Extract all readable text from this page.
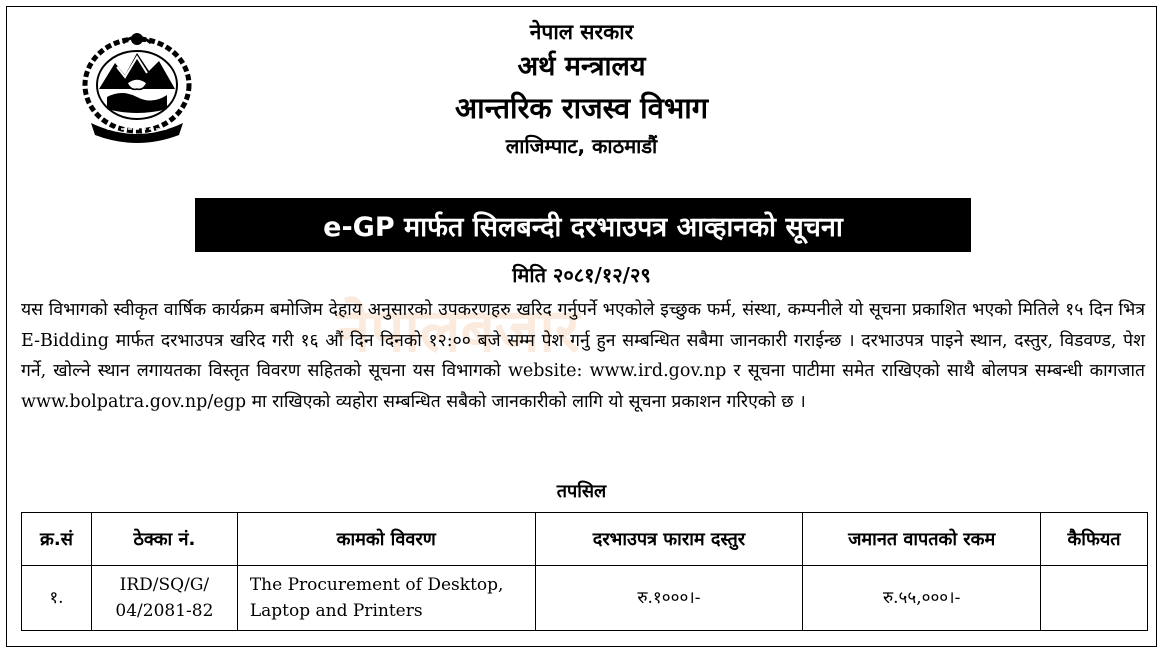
नेपाल सरकार
अर्थ मन्त्रालय
आन्तरिक राजस्व विभाग
लाजिम्पाट, काठमाडौं
e-GP मार्फत सिलबन्दी दरभाउपत्र आव्हानको सूचना
मिति २०८१/१२/२९
नेपालबजार
यस विभागको स्वीकृत वार्षिक कार्यक्रम बमोजिम देहाय अनुसारको उपकरणहरु खरिद गर्नुपर्ने भएकोले इच्छुक फर्म, संस्था, कम्पनीले यो सूचना प्रकाशित भएको मितिले १५ दिन भित्र E-Bidding मार्फत दरभाउपत्र खरिद गरी १६ औं दिन दिनको १२:०० बजे सम्म पेश गर्नु हुन सम्बन्धित सबैमा जानकारी गराईन्छ । दरभाउपत्र पाइने स्थान, दस्तुर, विडवण्ड, पेश गर्ने, खोल्ने स्थान लगायतका विस्तृत विवरण सहितको सूचना यस विभागको website: www.ird.gov.np र सूचना पाटीमा समेत राखिएको साथै बोलपत्र सम्बन्धी कागजात www.bolpatra.gov.np/egp मा राखिएको व्यहोरा सम्बन्धित सबैको जानकारीको लागि यो सूचना प्रकाशन गरिएको छ ।
तपसिल
क्र.सं	ठेक्का नं.	कामको विवरण	दरभाउपत्र फाराम दस्तुर	जमानत वापतको रकम	कैफियत
१.	IRD/SQ/G/ 04/2081-82	The Procurement of Desktop, Laptop and Printers	रु.१०००।-	रु.५५,०००।-	
